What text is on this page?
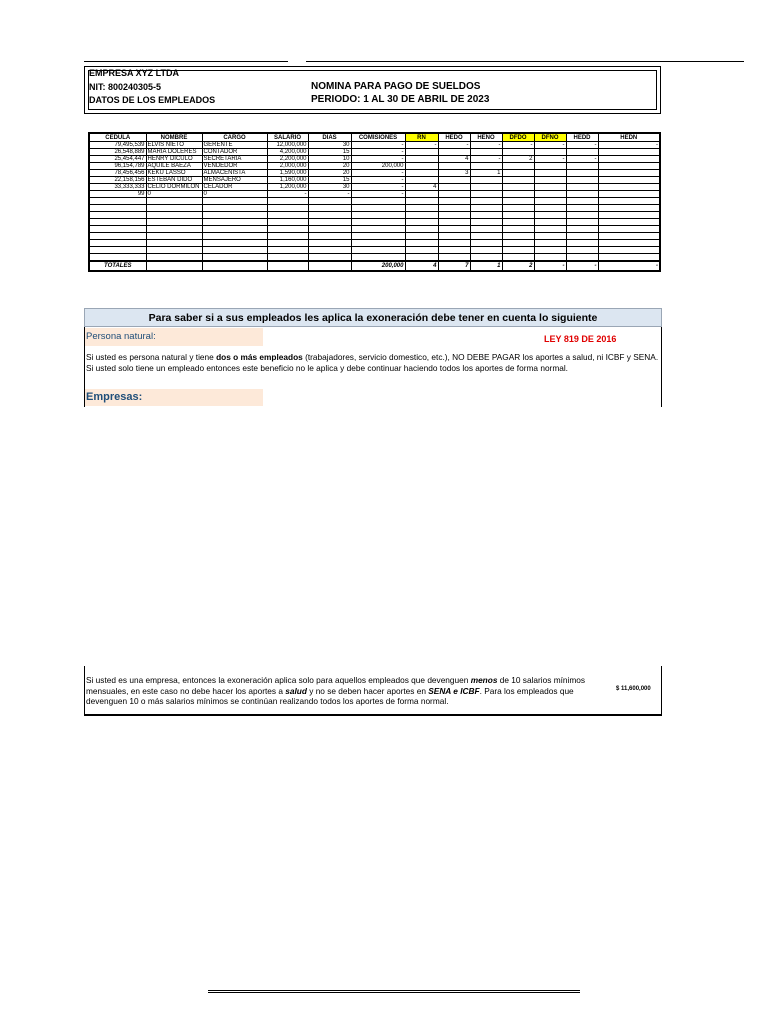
EMPRESA XYZ LTDA
NIT: 800240305-5
DATOS DE LOS EMPLEADOS
NOMINA PARA PAGO DE SUELDOS
PERIODO: 1 AL 30 DE ABRIL DE 2023
CEDULA	NOMBRE	CARGO	SALARIO	DIAS	COMISIONES	RN	HEDO	HENO	DFDO	DFNO	HEDD	HEDN
79,495,539	ELVIS NIETO	GERENTE	12,000,000	30	-	-	-	-	-	-	-	-
26,548,889	MARIA DOLERES	CONTADOR	4,200,000	15	-							
25,454,447	HENRY DICULO	SECRETARIA	2,200,000	10	-		4	-	2	-	-	
96,154,789	AQUILE BAEZA	VENDEDOR	2,000,000	20	200,000							
78,456,456	KEKU LASSO	ALMACENISTA	1,590,000	20	-		3	1				
22,158,156	ESTEBAN DIDO	MENSAJERO	1,160,000	15	-							
33,333,333	CELIO DORMILON	CELADOR	1,200,000	30	-	4						
99	0	0	-	-	-							

TOTALES					200,000	4	7	1	2	-	-	-
Para saber si a sus empleados les aplica la exoneración debe tener en cuenta lo siguiente
Persona natural:	LEY 819 DE 2016
Si usted es persona natural y tiene dos o más empleados (trabajadores, servicio domestico, etc.), NO DEBE PAGAR los aportes a salud, ni ICBF y SENA. Si usted solo tiene un empleado entonces este beneficio no le aplica y debe continuar haciendo todos los aportes de forma normal.
Empresas:
Si usted es una empresa, entonces la exoneración aplica solo para aquellos empleados que devenguen menos de 10 salarios mínimos mensuales, en este caso no debe hacer los aportes a salud y no se deben hacer aportes en SENA e ICBF. Para los empleados que devenguen 10 o más salarios mínimos se continúan realizando todos los aportes de forma normal.
$ 11,600,000
